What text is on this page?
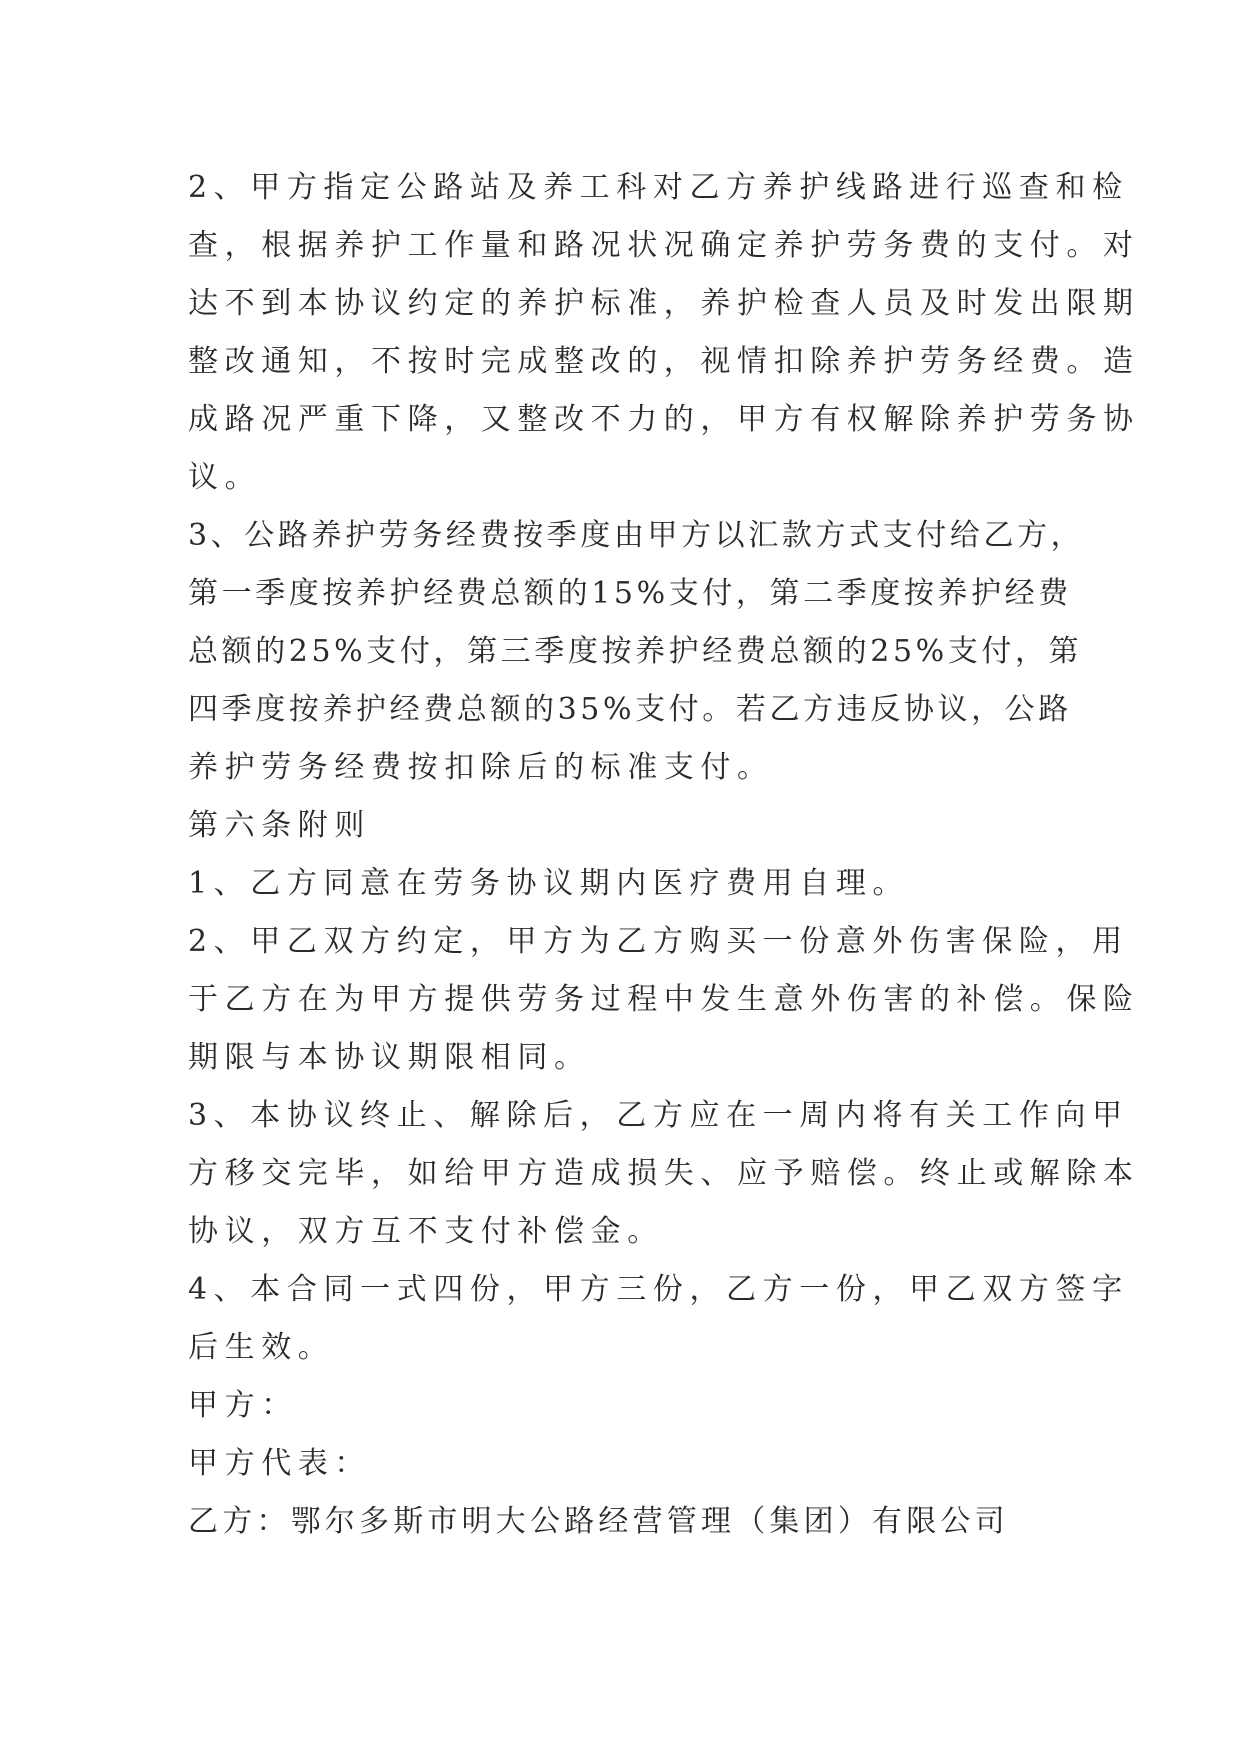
2、甲方指定公路站及养工科对乙方养护线路进行巡查和检

查，根据养护工作量和路况状况确定养护劳务费的支付。对

达不到本协议约定的养护标准，养护检查人员及时发出限期

整改通知，不按时完成整改的，视情扣除养护劳务经费。造

成路况严重下降，又整改不力的，甲方有权解除养护劳务协

议。

3、公路养护劳务经费按季度由甲方以汇款方式支付给乙方，

第一季度按养护经费总额的15%支付，第二季度按养护经费

总额的25%支付，第三季度按养护经费总额的25%支付，第

四季度按养护经费总额的35%支付。若乙方违反协议，公路

养护劳务经费按扣除后的标准支付。

第六条附则

1、乙方同意在劳务协议期内医疗费用自理。

2、甲乙双方约定，甲方为乙方购买一份意外伤害保险，用

于乙方在为甲方提供劳务过程中发生意外伤害的补偿。保险

期限与本协议期限相同。

3、本协议终止、解除后，乙方应在一周内将有关工作向甲

方移交完毕，如给甲方造成损失、应予赔偿。终止或解除本

协议，双方互不支付补偿金。

4、本合同一式四份，甲方三份，乙方一份，甲乙双方签字

后生效。

甲方：

甲方代表：

乙方：鄂尔多斯市明大公路经营管理（集团）有限公司
